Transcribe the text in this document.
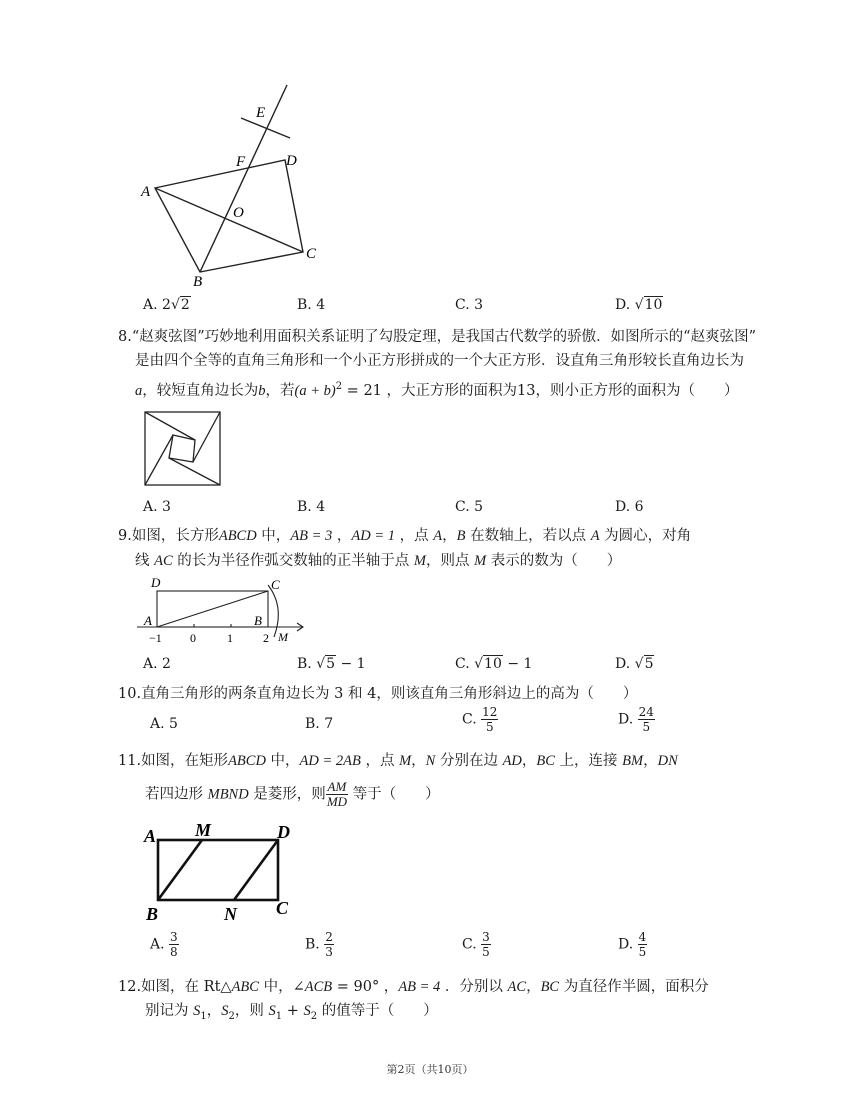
E
F	D
A
O
C
B
A. 2√2	B. 4	C. 3	D. √10
8.“赵爽弦图”巧妙地利用面积关系证明了勾股定理，是我国古代数学的骄傲．如图所示的“赵爽弦图”
是由四个全等的直角三角形和一个小正方形拼成的一个大正方形．设直角三角形较长直角边长为
a，较短直角边长为b，若$(a + b)^2 = 21$ ，大正方形的面积为13，则小正方形的面积为（　　）
A. 3	B. 4	C. 5	D. 6
9.如图，长方形ABCD 中，AB = 3 ，AD = 1 ，点 A，B 在数轴上，若以点 A 为圆心，对角
线 AC 的长为半径作弧交数轴的正半轴于点 M，则点 M 表示的数为（　　）
D	C
A	B
−1 0	1	2 M
A. 2	B. √5 − 1	C. √10 − 1	D. √5
10.直角三角形的两条直角边长为 3 和 4，则该直角三角形斜边上的高为（　　）
A. 5	B. 7	C. $\frac{12}{5}$	D. $\frac{24}{5}$
11.如图，在矩形ABCD 中，AD = 2AB ，点 M，N 分别在边 AD，BC 上，连接 BM，DN
若四边形 MBND 是菱形，则 $\frac{AM}{MD}$ 等于（　　）
A M	D
B	N C
A. $\frac{3}{8}$	B. $\frac{2}{3}$	C. $\frac{3}{5}$	D. $\frac{4}{5}$
12.如图，在 Rt△ABC 中，∠ACB = 90° ，AB = 4 ．分别以 AC，BC 为直径作半圆，面积分
别记为 $S_1$，$S_2$，则 $S_1 + S_2$ 的值等于（　　）
第2页（共10页）
